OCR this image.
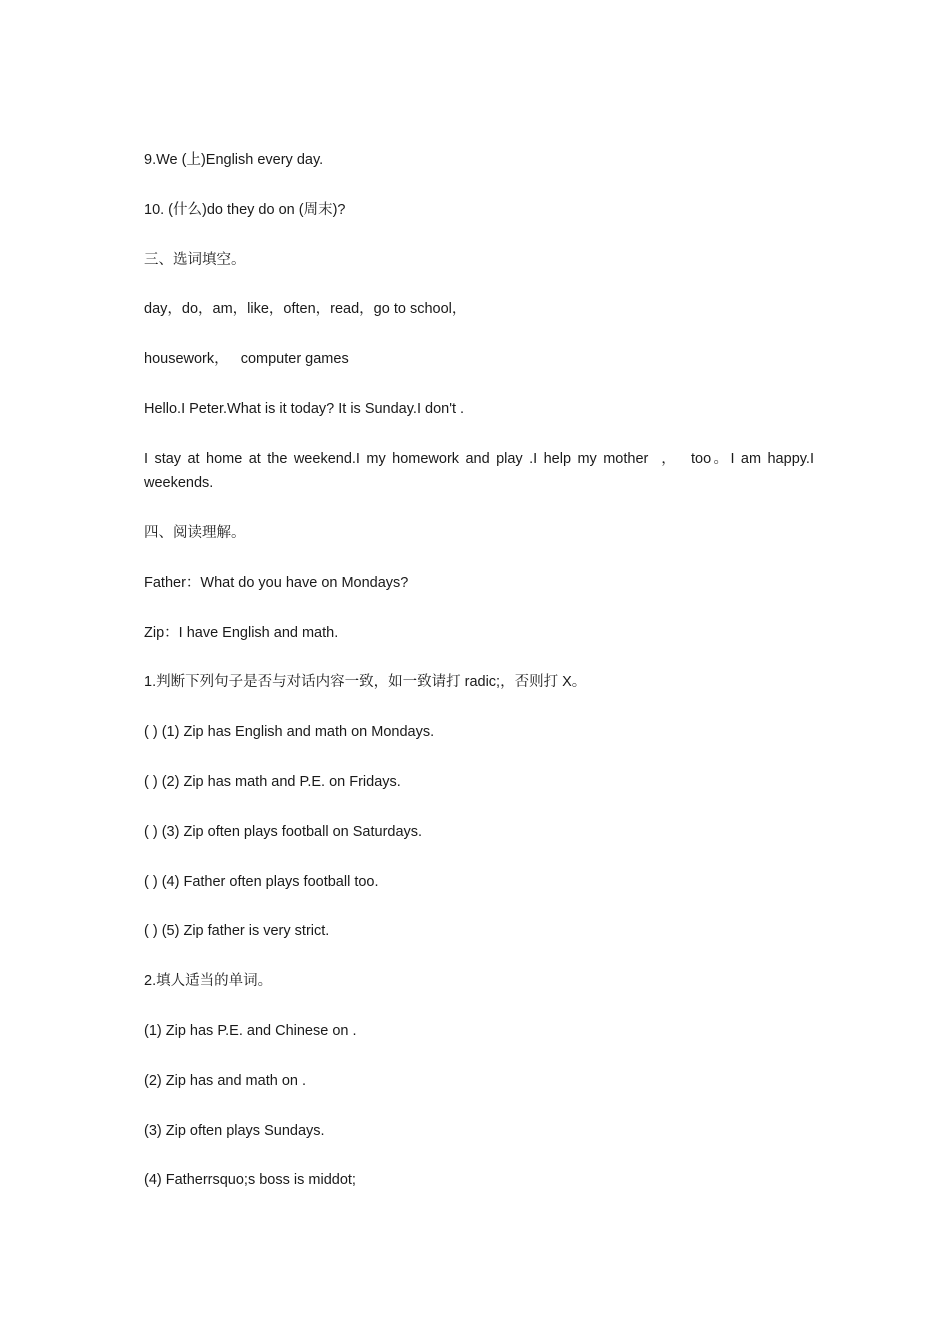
9.We (上)English every day.

10. (什么)do they do on (周末)?

三、选词填空。

day，do，am，like，often，read，go to school，

housework，   computer games

Hello.I Peter.What is it today? It is Sunday.I don't .

I stay at home at the weekend.I my homework and play .I help my mother  ，  too。I am happy.I weekends.

四、阅读理解。

Father：What do you have on Mondays?

Zip：I have English and math.

1.判断下列句子是否与对话内容一致，如一致请打 radic;，否则打 X。

( ) (1) Zip has English and math on Mondays.

( ) (2) Zip has math and P.E. on Fridays.

( ) (3) Zip often plays football on Saturdays.

( ) (4) Father often plays football too.

( ) (5) Zip father is very strict.

2.填人适当的单词。

(1) Zip has P.E. and Chinese on .

(2) Zip has and math on .

(3) Zip often plays Sundays.

(4) Fatherrsquo;s boss is middot;
